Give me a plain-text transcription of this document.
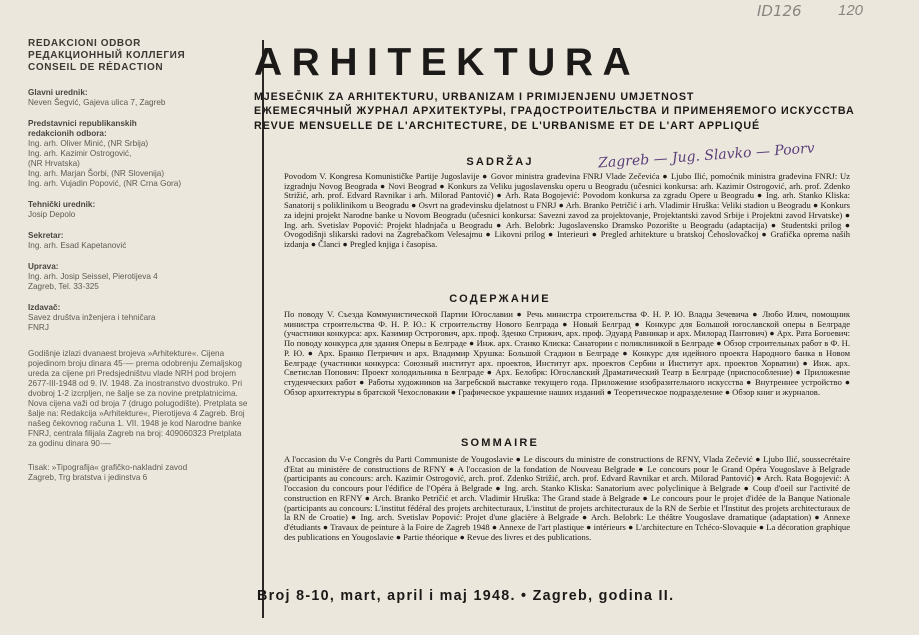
ID126 120
REDAKCIONI ODBOR
РЕДАКЦИОННЫЙ КОЛЛЕГИЯ
CONSEIL DE RÉDACTION
Glavni urednik:
Neven Šegvić, Gajeva ulica 7, Zagreb
Predstavnici republikanskih
redakcionih odbora:
Ing. arh. Oliver Minić, (NR Srbija)
Ing. arh. Kazimir Ostrogović,
(NR Hrvatska)
Ing. arh. Marjan Šorbi, (NR Slovenija)
Ing. arh. Vujadin Popović, (NR Crna Gora)
Tehnički urednik:
Josip Depolo
Sekretar:
Ing. arh. Esad Kapetanović
Uprava:
Ing. arh. Josip Seissel, Pierotijeva 4
Zagreb, Tel. 33-325
Izdavač:
Savez društva inženjera i tehničara
FNRJ
Godišnje izlazi dvanaest brojeva »Arhitekture«. Cijena pojedinom broju dinara 45·— prema odobrenju Zemaljskog ureda za cijene pri Predsjedništvu vlade NRH pod brojem 2677-III-1948 od 9. IV. 1948. Za inostranstvo dvostruko. Pri dvobroj 1-2 izcrpljen, ne šalje se za novine pretplatnicima. Nova cijena važi od broja 7 (drugo polugodište). Pretplata se šalje na: Redakcija »Arhitekture«, Pierotijeva 4 Zagreb. Broj našeg čekovnog računa 1. VII. 1948 je kod Narodne banke FNRJ, centrala filijala Zagreb na broj: 409060323 Pretplata za godinu dinara 90·—
Tisak: »Tipografija« grafičko-nakladni zavod
Zagreb, Trg bratstva i jedinstva 6
ARHITEKTURA
MJESEČNIK ZA ARHITEKTURU, URBANIZAM I PRIMIJENJENU UMJETNOST
ЕЖЕМЕСЯЧНЫЙ ЖУРНАЛ АРХИТЕКТУРЫ, ГРАДОСТРОИТЕЛЬСТВА И ПРИМЕНЯЕМОГО ИСКУССТВА
REVUE MENSUELLE DE L'ARCHITECTURE, DE L'URBANISME ET DE L'ART APPLIQUÉ
Zagreb — Jug. Slavko — Poorv
SADRŽAJ
Povodom V. Kongresa Komunističke Partije Jugoslavije ● Govor ministra građevina FNRJ Vlade Zečevića ● Ljubo Ilić, pomoćnik ministra građevina FNRJ: Uz izgradnju Novog Beograda ● Novi Beograd ● Konkurs za Veliku jugoslavensku operu u Beogradu (učesnici konkursa: arh. Kazimir Ostrogović, arh. prof. Zdenko Strižić, arh. prof. Edvard Ravnikar i arh. Milorad Pantović) ● Arh. Rata Bogojević: Povodom konkursa za zgradu Opere u Beogradu ● Ing. arh. Stanko Kliska: Sanatorij s poliklinikom u Beogradu ● Osvrt na građevinsku djelatnost u FNRJ ● Arh. Branko Petričić i arh. Vladimir Hruška: Veliki stadion u Beogradu ● Konkurs za idejni projekt Narodne banke u Novom Beogradu (učesnici konkursa: Savezni zavod za projektovanje, Projektantski zavod Srbije i Projektni zavod Hrvatske) ● Ing. arh. Svetislav Popović: Projekt hladnjača u Beogradu ● Arh. Belobrk: Jugoslavensko Dramsko Pozorište u Beogradu (adaptacija) ● Studentski prilog ● Ovogodišnji slikarski radovi na Zagrebačkom Velesajmu ● Likovni prilog ● Interieuri ● Pregled arhitekture u bratskoj Čehoslovačkoj ● Grafička oprema naših izdanja ● Članci ● Pregled knjiga i časopisa.
СОДЕРЖАНИЕ
По поводу V. Съезда Коммунистической Партии Югославии ● Речь министра строительства Ф. Н. Р. Ю. Влады Зечевича ● Любо Илич, помощник министра строительства Ф. Н. Р. Ю.: К строительству Нового Белграда ● Новый Белград ● Конкурс для Большой югославской оперы в Белграде (участники конкурса: арх. Казимир Острогович, арх. проф. Зденко Стрижич, арх. проф. Эдуард Равникар и арх. Милорад Пантович) ● Арх. Рата Богоевич: По поводу конкурса для здания Оперы в Белграде ● Инж. арх. Станко Клиска: Санатории с поликлиникой в Белграде ● Обзор строительных работ в Ф. Н. Р. Ю. ● Арх. Бранко Петричич и арх. Владимир Хрушка: Большой Стадион в Белграде ● Конкурс для идейного проекта Народного банка в Новом Белграде (участники конкурса: Союзный институт арх. проектов, Институт арх. проектов Сербии и Институт арх. проектов Хорватии) ● Инж. арх. Светислав Попович: Проект холодильника в Белграде ● Арх. Белобрк: Югославский Драматический Театр в Белграде (приспособление) ● Приложение студенческих работ ● Работы художников на Загребской выставке текущего года. Приложение изобразительного искусства ● Внутреннее устройство ● Обзор архитектуры в братской Чехословакии ● Графическое украшение наших изданий ● Теоретическое подразделение ● Обзор книг и журналов.
SOMMAIRE
A l'occasion du V-e Congrès du Parti Communiste de Yougoslavie ● Le discours du ministre de constructions de RFNY, Vlada Zečević ● Ljubo Ilić, soussecrétaire d'Etat au ministère de constructions de RFNY ● A l'occasion de la fondation de Nouveau Belgrade ● Le concours pour le Grand Opéra Yougoslave à Belgrade (participants au concours: arch. Kazimir Ostrogović, arch. prof. Zdenko Strižić, arch. prof. Edvard Ravnikar et arch. Milorad Pantović) ● Arch. Rata Bogojević: A l'occasion du concours pour l'édifice de l'Opéra à Belgrade ● Ing. arch. Stanko Kliska: Sanatorium avec polyclinique à Belgrade ● Coup d'oeil sur l'activité de construction en RFNY ● Arch. Branko Petričić et arch. Vladimir Hruška: The Grand stade à Belgrade ● Le concours pour le projet d'idée de la Banque Nationale (participants au concours: L'institut fédéral des projets architecturaux, L'institut de projets architecturaux de la RN de Serbie et l'Institut des projets architecturaux de la RN de Croatie) ● Ing. arch. Svetislav Popović: Projet d'une glacière à Belgrade ● Arch. Belobrk: Le théâtre Yougoslave dramatique (adaptation) ● Annexe d'étudiants ● Travaux de peinture à la Foire de Zagreb 1948 ● Annexe de l'art plastique ● intérieurs ● L'architecture en Tchéco-Slovaquie ● La décoration graphique des publications en Yougoslavie ● Partie théorique ● Revue des livres et des publications.
Broj 8-10, mart, april i maj 1948. • Zagreb, godina II.
